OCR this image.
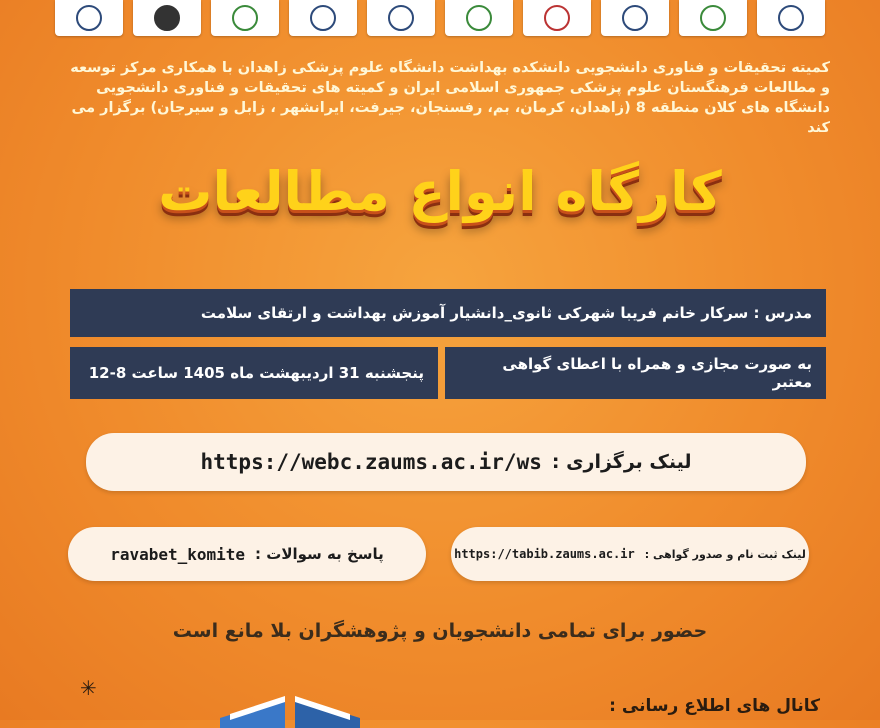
کمیته تحقیقات و فناوری دانشجویی دانشکده بهداشت دانشگاه علوم پزشکی زاهدان با همکاری مرکز توسعه
و مطالعات فرهنگستان علوم پزشکی جمهوری اسلامی ایران و کمیته های تحقیقات و فناوری دانشجویی
دانشگاه های کلان منطقه 8 (زاهدان، کرمان، بم، رفسنجان، جیرفت، ایرانشهر ، زابل و سیرجان) برگزار می کند
کارگاه انواع مطالعات
مدرس : سرکار خانم فریبا شهرکی ثانوی_دانشیار آموزش بهداشت و ارتقای سلامت
به صورت مجازی و همراه با اعطای گواهی معتبر
پنجشنبه 31 اردیبهشت ماه 1405 ساعت 8-12
لینک برگزاری :
https://webc.zaums.ac.ir/ws
لینک ثبت نام و صدور گواهی :
https://tabib.zaums.ac.ir
پاسخ به سوالات :
ravabet_komite
حضور برای تمامی دانشجویان و پژوهشگران بلا مانع است
✳
کانال های اطلاع رسانی :
